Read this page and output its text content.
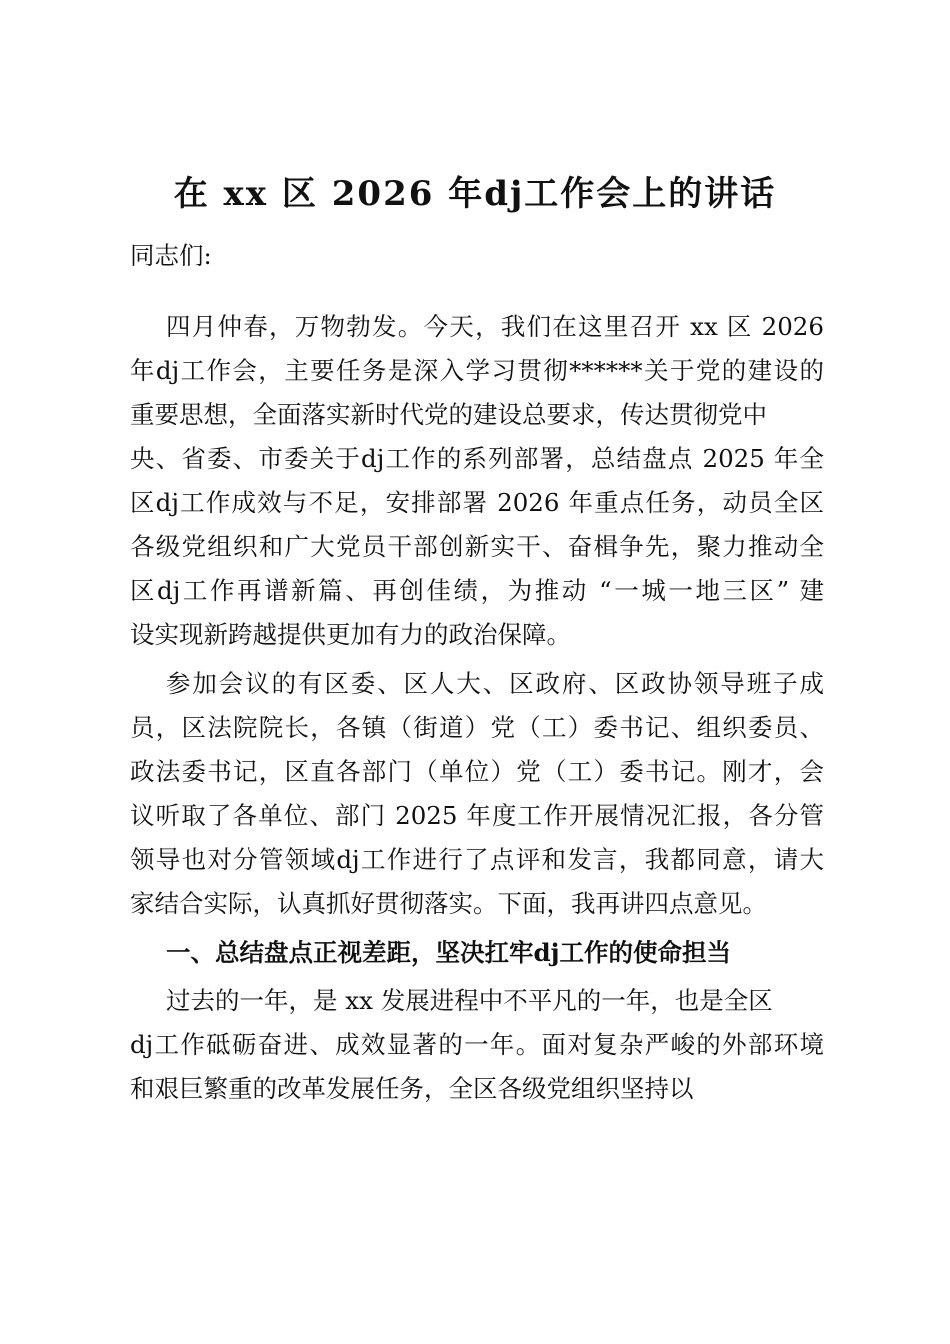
在 xx 区 2026 年dj工作会上的讲话
同志们:
四月仲春，万物勃发。今天，我们在这里召开 xx 区 2026
年dj工作会，主要任务是深入学习贯彻******关于党的建设的
重要思想，全面落实新时代党的建设总要求，传达贯彻党中
央、省委、市委关于dj工作的系列部署，总结盘点 2025 年全
区dj工作成效与不足，安排部署 2026 年重点任务，动员全区
各级党组织和广大党员干部创新实干、奋楫争先，聚力推动全
区dj工作再谱新篇、再创佳绩，为推动 “一城一地三区” 建
设实现新跨越提供更加有力的政治保障。
参加会议的有区委、区人大、区政府、区政协领导班子成
员，区法院院长，各镇（街道）党（工）委书记、组织委员、
政法委书记，区直各部门（单位）党（工）委书记。刚才，会
议听取了各单位、部门 2025 年度工作开展情况汇报，各分管
领导也对分管领域dj工作进行了点评和发言，我都同意，请大
家结合实际，认真抓好贯彻落实。下面，我再讲四点意见。
一、总结盘点正视差距，坚决扛牢dj工作的使命担当
过去的一年，是 xx 发展进程中不平凡的一年，也是全区
dj工作砥砺奋进、成效显著的一年。面对复杂严峻的外部环境
和艰巨繁重的改革发展任务，全区各级党组织坚持以
